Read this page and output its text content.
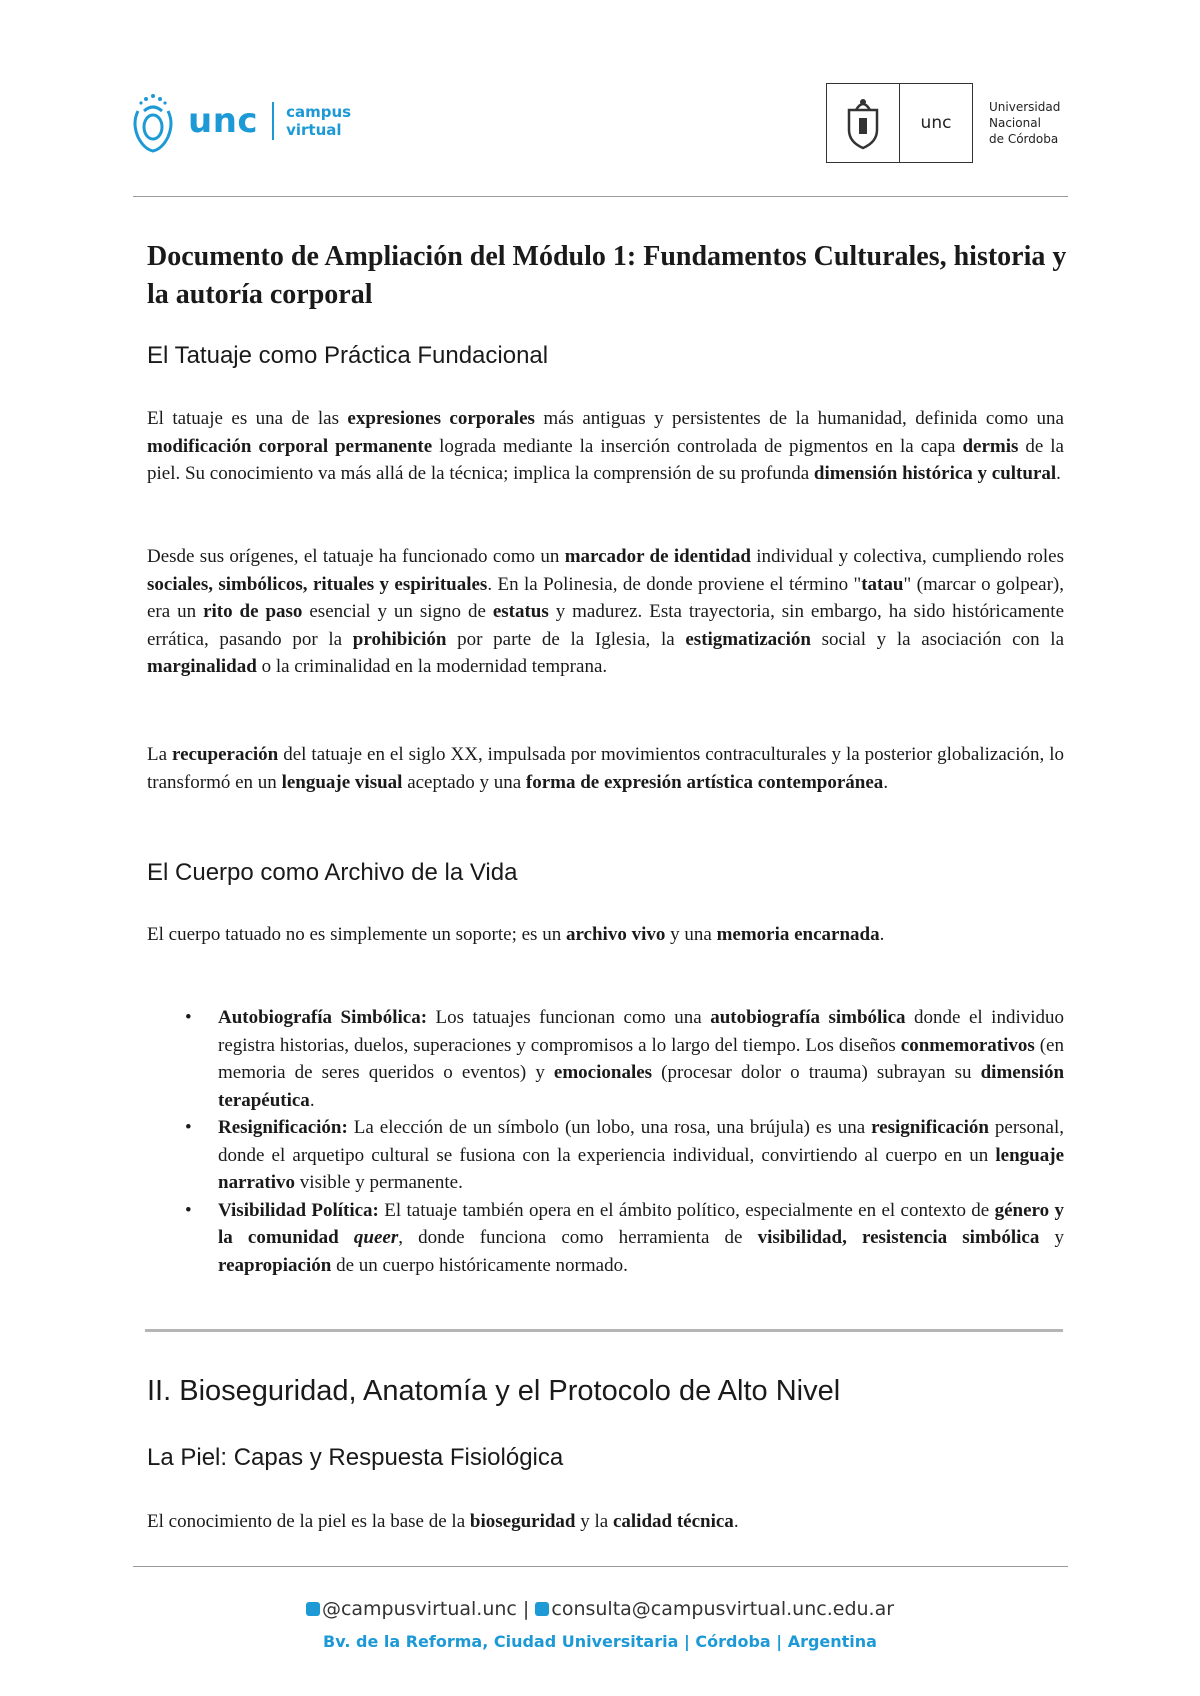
unc campus
virtual	unc
Universidad
Nacional
de Córdoba
Documento de Ampliación del Módulo 1: Fundamentos Culturales, historia y la autoría corporal
El Tatuaje como Práctica Fundacional

El tatuaje es una de las expresiones corporales más antiguas y persistentes de la humanidad, definida como una modificación corporal permanente lograda mediante la inserción controlada de pigmentos en la capa dermis de la piel. Su conocimiento va más allá de la técnica; implica la comprensión de su profunda dimensión histórica y cultural.

Desde sus orígenes, el tatuaje ha funcionado como un marcador de identidad individual y colectiva, cumpliendo roles sociales, simbólicos, rituales y espirituales. En la Polinesia, de donde proviene el término "tatau" (marcar o golpear), era un rito de paso esencial y un signo de estatus y madurez. Esta trayectoria, sin embargo, ha sido históricamente errática, pasando por la prohibición por parte de la Iglesia, la estigmatización social y la asociación con la marginalidad o la criminalidad en la modernidad temprana.

La recuperación del tatuaje en el siglo XX, impulsada por movimientos contraculturales y la posterior globalización, lo transformó en un lenguaje visual aceptado y una forma de expresión artística contemporánea.

El Cuerpo como Archivo de la Vida

El cuerpo tatuado no es simplemente un soporte; es un archivo vivo y una memoria encarnada.

• Autobiografía Simbólica: Los tatuajes funcionan como una autobiografía simbólica donde el individuo registra historias, duelos, superaciones y compromisos a lo largo del tiempo. Los diseños conmemorativos (en memoria de seres queridos o eventos) y emocionales (procesar dolor o trauma) subrayan su dimensión terapéutica.
• Resignificación: La elección de un símbolo (un lobo, una rosa, una brújula) es una resignificación personal, donde el arquetipo cultural se fusiona con la experiencia individual, convirtiendo al cuerpo en un lenguaje narrativo visible y permanente.
• Visibilidad Política: El tatuaje también opera en el ámbito político, especialmente en el contexto de género y la comunidad queer, donde funciona como herramienta de visibilidad, resistencia simbólica y reapropiación de un cuerpo históricamente normado.
II. Bioseguridad, Anatomía y el Protocolo de Alto Nivel
La Piel: Capas y Respuesta Fisiológica

El conocimiento de la piel es la base de la bioseguridad y la calidad técnica.

@campusvirtual.unc | consulta@campusvirtual.unc.edu.ar
Bv. de la Reforma, Ciudad Universitaria | Córdoba | Argentina
